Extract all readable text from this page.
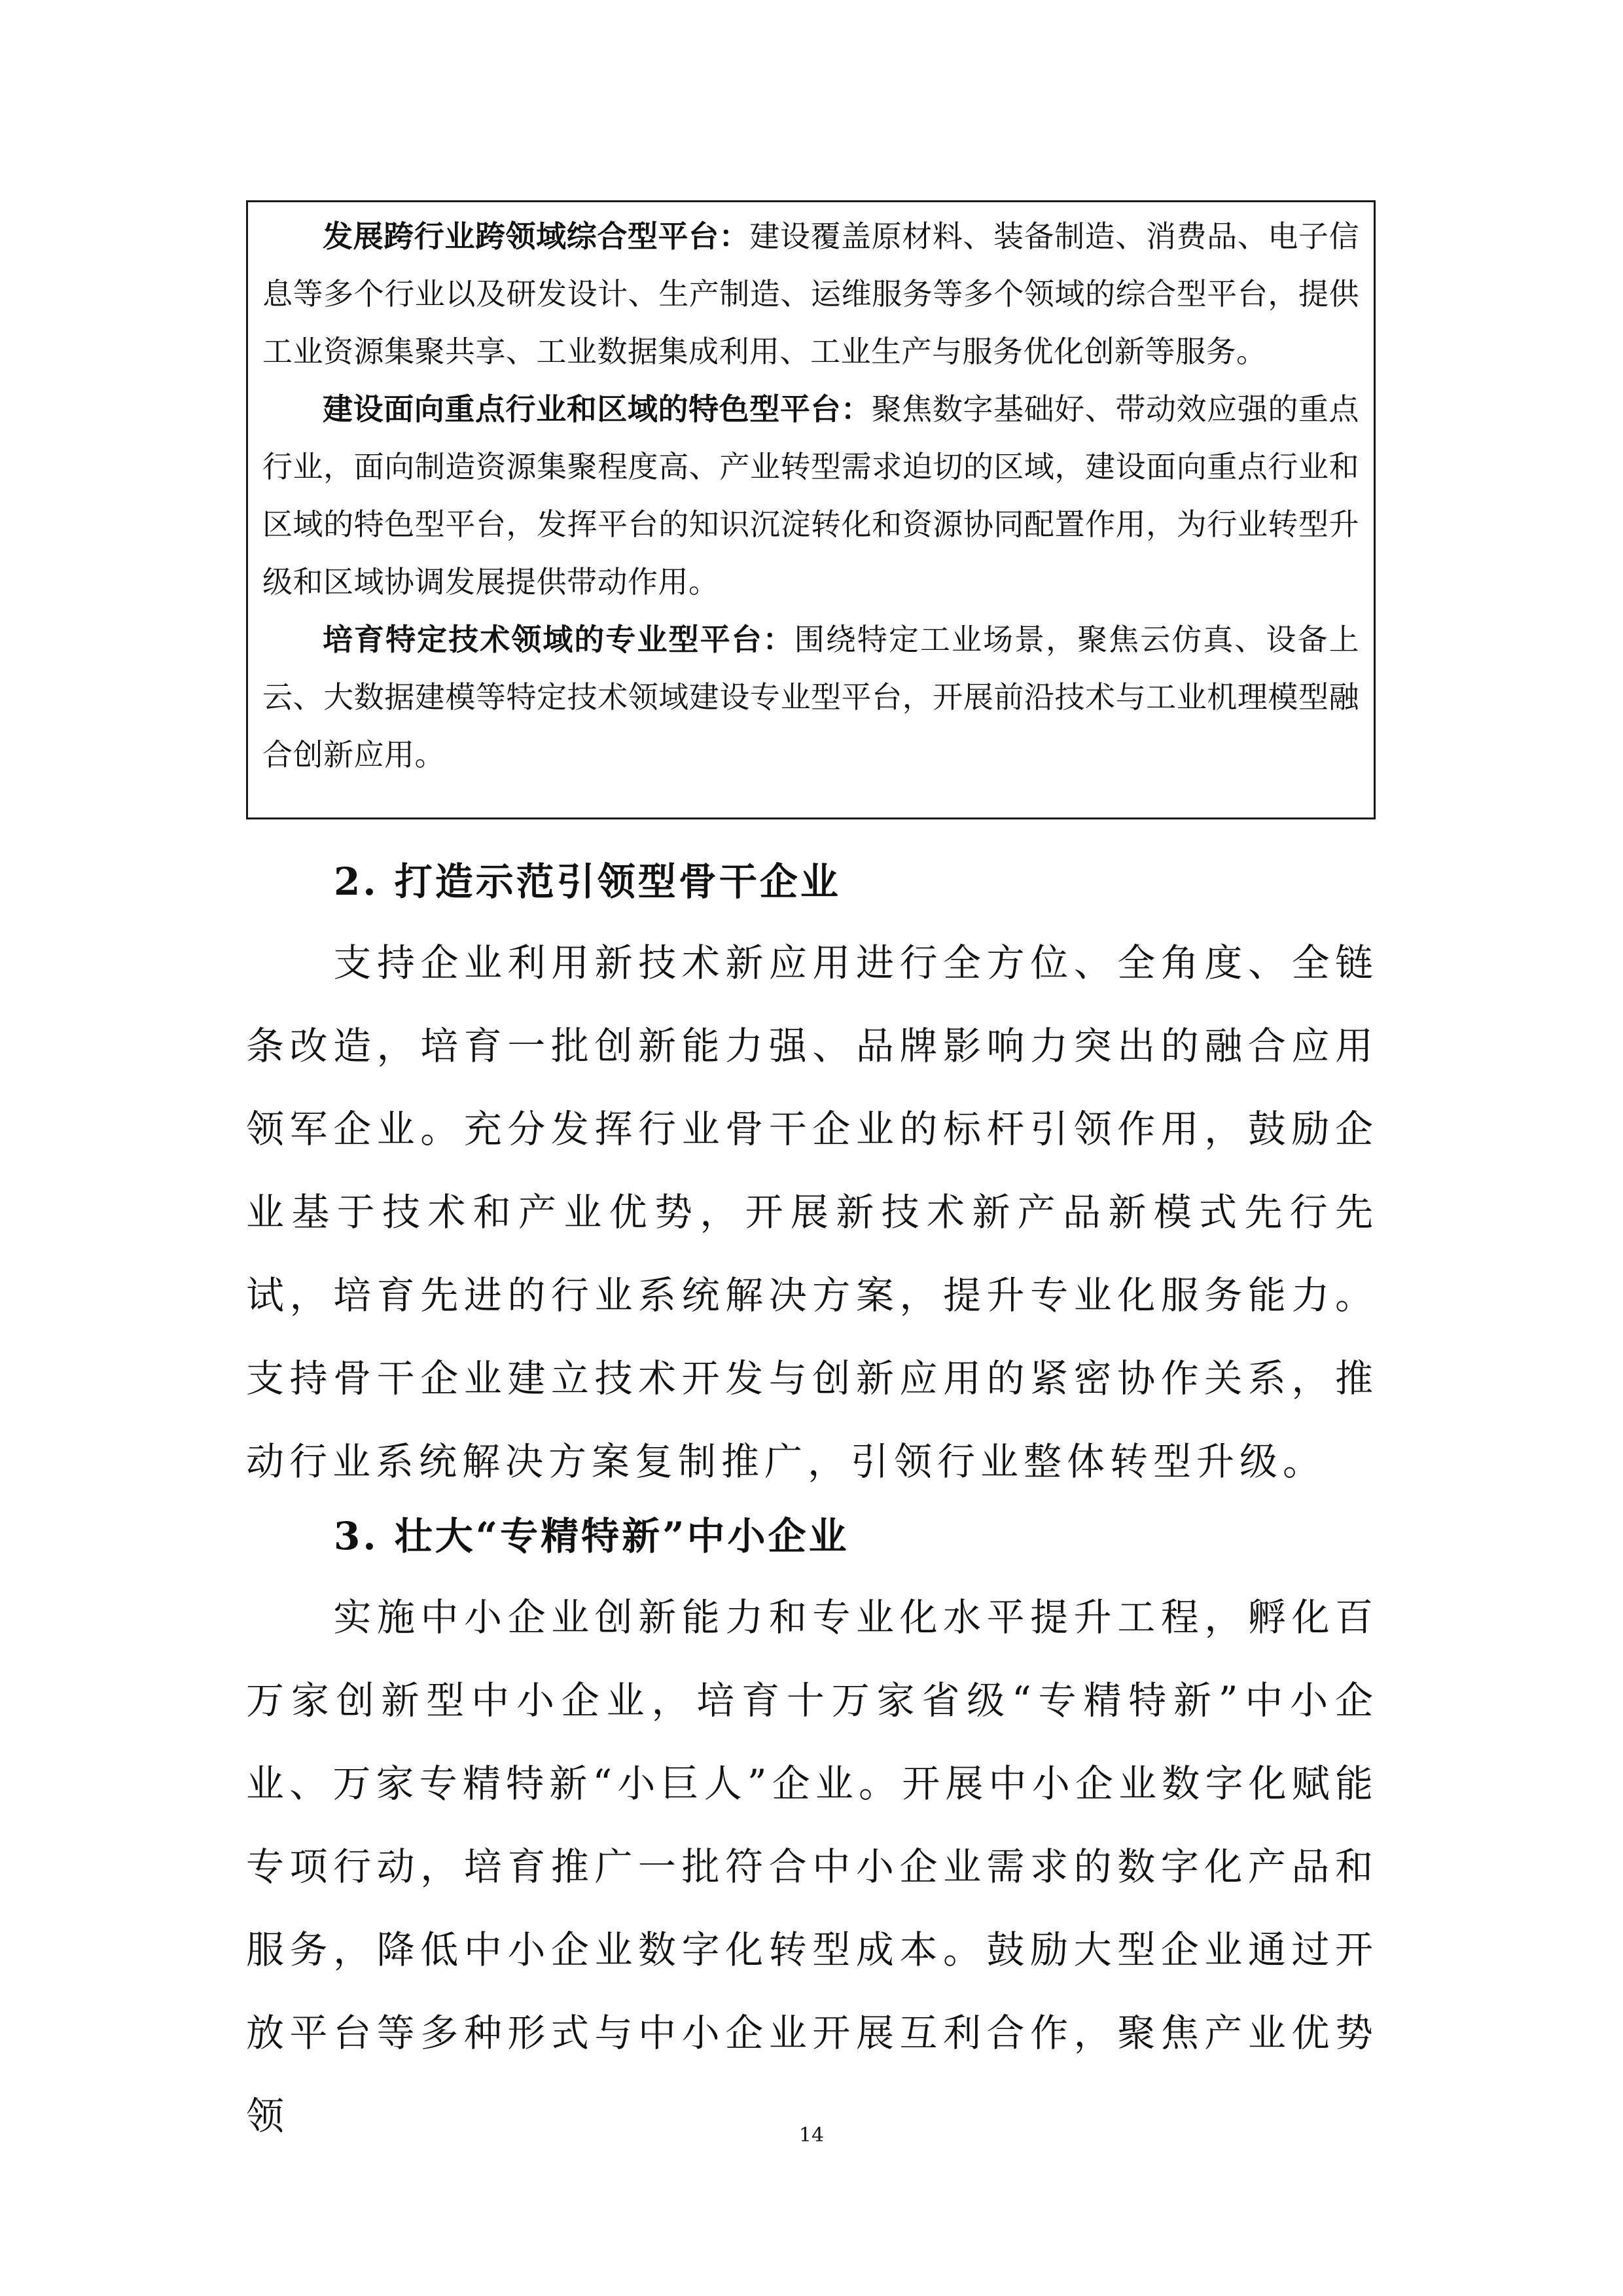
发展跨行业跨领域综合型平台：建设覆盖原材料、装备制造、消费品、电子信息等多个行业以及研发设计、生产制造、运维服务等多个领域的综合型平台，提供工业资源集聚共享、工业数据集成利用、工业生产与服务优化创新等服务。

建设面向重点行业和区域的特色型平台：聚焦数字基础好、带动效应强的重点行业，面向制造资源集聚程度高、产业转型需求迫切的区域，建设面向重点行业和区域的特色型平台，发挥平台的知识沉淀转化和资源协同配置作用，为行业转型升级和区域协调发展提供带动作用。

培育特定技术领域的专业型平台：围绕特定工业场景，聚焦云仿真、设备上云、大数据建模等特定技术领域建设专业型平台，开展前沿技术与工业机理模型融合创新应用。

2. 打造示范引领型骨干企业

支持企业利用新技术新应用进行全方位、全角度、全链条改造，培育一批创新能力强、品牌影响力突出的融合应用领军企业。充分发挥行业骨干企业的标杆引领作用，鼓励企业基于技术和产业优势，开展新技术新产品新模式先行先试，培育先进的行业系统解决方案，提升专业化服务能力。支持骨干企业建立技术开发与创新应用的紧密协作关系，推动行业系统解决方案复制推广，引领行业整体转型升级。

3. 壮大“专精特新”中小企业

实施中小企业创新能力和专业化水平提升工程，孵化百万家创新型中小企业，培育十万家省级“专精特新”中小企业、万家专精特新“小巨人”企业。开展中小企业数字化赋能专项行动，培育推广一批符合中小企业需求的数字化产品和服务，降低中小企业数字化转型成本。鼓励大型企业通过开放平台等多种形式与中小企业开展互利合作，聚焦产业优势领	14
